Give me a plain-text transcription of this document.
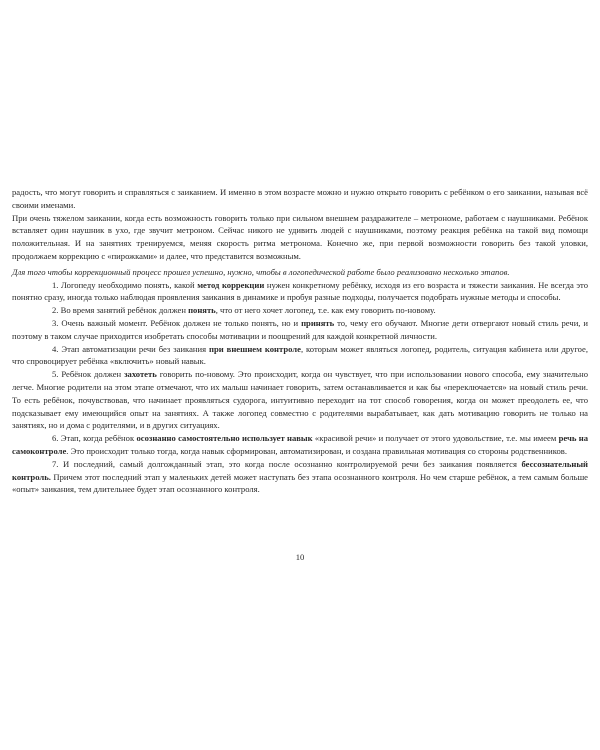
радость, что могут говорить и справляться с заиканием. И именно в этом возрасте можно и нужно открыто говорить с ребёнком о его заикании, называя всё своими именами.

При очень тяжелом заикании, когда есть возможность говорить только при сильном внешнем раздражителе – метрономе, работаем с наушниками. Ребёнок вставляет один наушник в ухо, где звучит метроном. Сейчас никого не удивить людей с наушниками, поэтому реакция ребёнка на такой вид помощи положительная. И на занятиях тренируемся, меняя скорость ритма метронома. Конечно же, при первой возможности говорить без такой уловки, продолжаем коррекцию с «пирожками» и далее, что представится возможным.

Для того чтобы коррекционный процесс прошел успешно, нужно, чтобы в логопедической работе было реализовано несколько этапов.

1. Логопеду необходимо понять, какой метод коррекции нужен конкретному ребёнку, исходя из его возраста и тяжести заикания. Не всегда это понятно сразу, иногда только наблюдая проявления заикания в динамике и пробуя разные подходы, получается подобрать нужные методы и способы.

2. Во время занятий ребёнок должен понять, что от него хочет логопед, т.е. как ему говорить по-новому.

3. Очень важный момент. Ребёнок должен не только понять, но и принять то, чему его обучают. Многие дети отвергают новый стиль речи, и поэтому в таком случае приходится изобретать способы мотивации и поощрений для каждой конкретной личности.

4. Этап автоматизации речи без заикания при внешнем контроле, которым может являться логопед, родитель, ситуация кабинета или другое, что спровоцирует ребёнка «включить» новый навык.

5. Ребёнок должен захотеть говорить по-новому. Это происходит, когда он чувствует, что при использовании нового способа, ему значительно легче. Многие родители на этом этапе отмечают, что их малыш начинает говорить, затем останавливается и как бы «переключается» на новый стиль речи. То есть ребёнок, почувствовав, что начинает проявляться судорога, интуитивно переходит на тот способ говорения, когда он может преодолеть ее, что подсказывает ему имеющийся опыт на занятиях. А также логопед совместно с родителями вырабатывает, как дать мотивацию говорить не только на занятиях, но и дома с родителями, и в других ситуациях.

6. Этап, когда ребёнок осознанно самостоятельно использует навык «красивой речи» и получает от этого удовольствие, т.е. мы имеем речь на самоконтроле. Это происходит только тогда, когда навык сформирован, автоматизирован, и создана правильная мотивация со стороны родственников.

7. И последний, самый долгожданный этап, это когда после осознанно контролируемой речи без заикания появляется бессознательный контроль. Причем этот последний этап у маленьких детей может наступать без этапа осознанного контроля. Но чем старше ребёнок, а тем самым больше «опыт» заикания, тем длительнее будет этап осознанного контроля.

10
